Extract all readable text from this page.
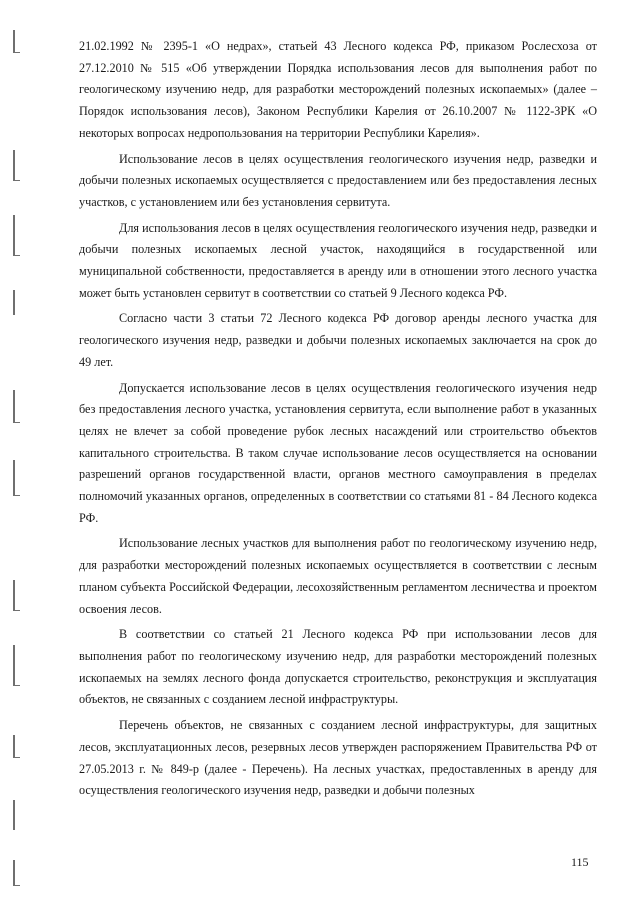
21.02.1992 № 2395-1 «О недрах», статьей 43 Лесного кодекса РФ, приказом Рослесхоза от 27.12.2010 № 515 «Об утверждении Порядка использования лесов для выполнения работ по геологическому изучению недр, для разработки месторождений полезных ископаемых» (далее – Порядок использования лесов), Законом Республики Карелия от 26.10.2007 № 1122-ЗРК «О некоторых вопросах недропользования на территории Республики Карелия».

Использование лесов в целях осуществления геологического изучения недр, разведки и добычи полезных ископаемых осуществляется с предоставлением или без предоставления лесных участков, с установлением или без установления сервитута.

Для использования лесов в целях осуществления геологического изучения недр, разведки и добычи полезных ископаемых лесной участок, находящийся в государственной или муниципальной собственности, предоставляется в аренду или в отношении этого лесного участка может быть установлен сервитут в соответствии со статьей 9 Лесного кодекса РФ.

Согласно части 3 статьи 72 Лесного кодекса РФ договор аренды лесного участка для геологического изучения недр, разведки и добычи полезных ископаемых заключается на срок до 49 лет.

Допускается использование лесов в целях осуществления геологического изучения недр без предоставления лесного участка, установления сервитута, если выполнение работ в указанных целях не влечет за собой проведение рубок лесных насаждений или строительство объектов капитального строительства. В таком случае использование лесов осуществляется на основании разрешений органов государственной власти, органов местного самоуправления в пределах полномочий указанных органов, определенных в соответствии со статьями 81 - 84 Лесного кодекса РФ.

Использование лесных участков для выполнения работ по геологическому изучению недр, для разработки месторождений полезных ископаемых осуществляется в соответствии с лесным планом субъекта Российской Федерации, лесохозяйственным регламентом лесничества и проектом освоения лесов.

В соответствии со статьей 21 Лесного кодекса РФ при использовании лесов для выполнения работ по геологическому изучению недр, для разработки месторождений полезных ископаемых на землях лесного фонда допускается строительство, реконструкция и эксплуатация объектов, не связанных с созданием лесной инфраструктуры.

Перечень объектов, не связанных с созданием лесной инфраструктуры, для защитных лесов, эксплуатационных лесов, резервных лесов утвержден распоряжением Правительства РФ от 27.05.2013 г. № 849-р (далее - Перечень). На лесных участках, предоставленных в аренду для осуществления геологического изучения недр, разведки и добычи полезных

115
